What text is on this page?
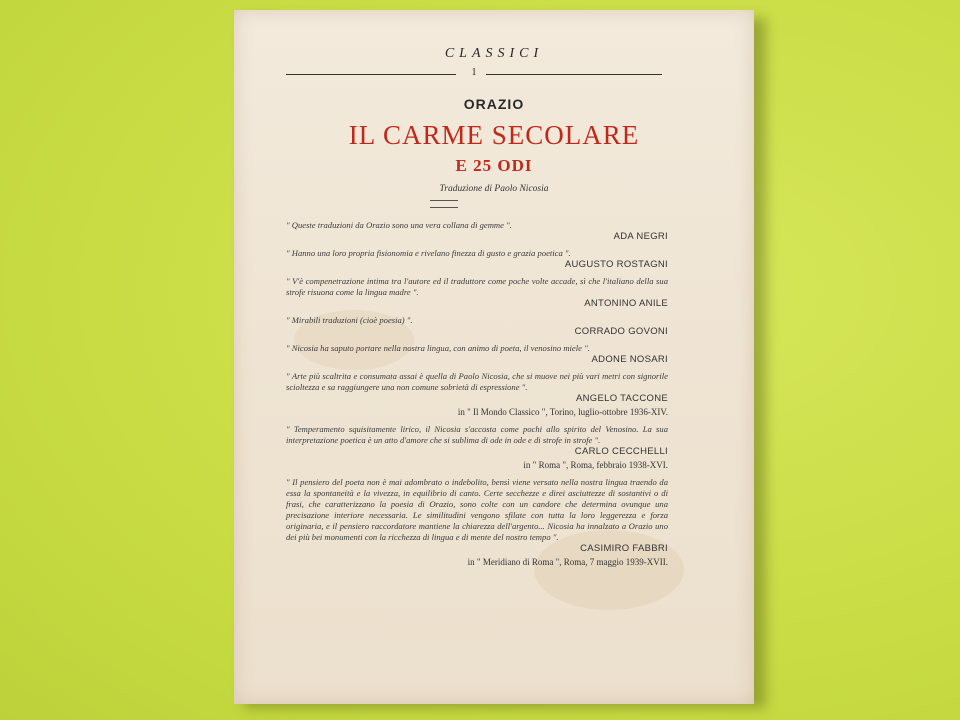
CLASSICI
1
ORAZIO
IL CARME SECOLARE
E 25 ODI
Traduzione di Paolo Nicosia

" Queste traduzioni da Orazio sono una vera collana di gemme ".

ADA NEGRI

" Hanno una loro propria fisionomia e rivelano finezza di gusto e grazia poetica ".

AUGUSTO ROSTAGNI

" V'è compenetrazione intima tra l'autore ed il traduttore come poche volte accade, sì che l'italiano della sua strofe risuona come la lingua madre ".

ANTONINO ANILE

" Mirabili traduzioni (cioè poesia) ".

CORRADO GOVONI

" Nicosia ha saputo portare nella nostra lingua, con animo di poeta, il venosino miele ".

ADONE NOSARI

" Arte più scaltrita e consumata assai è quella di Paolo Nicosia, che si muove nei più vari metri con signorile scioltezza e sa raggiungere una non comune sobrietà di espressione ".

ANGELO TACCONE

in " Il Mondo Classico ", Torino, luglio-ottobre 1936-XIV.

" Temperamento squisitamente lirico, il Nicosia s'accosta come pochi allo spirito del Venosino. La sua interpretazione poetica è un atto d'amore che si sublima di ode in ode e di strofe in strofe ".

CARLO CECCHELLI

in " Roma ", Roma, febbraio 1938-XVI.

" Il pensiero del poeta non è mai adombrato o indebolito, bensì viene versato nella nostra lingua traendo da essa la spontaneità e la vivezza, in equilibrio di canto. Certe secchezze e direi asciuttezze di sostantivi o di frasi, che caratterizzano la poesia di Orazio, sono colte con un candore che determina ovunque una precisazione interiore necessaria. Le similitudini vengono sfilate con tutta la loro leggerezza e forza originaria, e il pensiero raccordatore mantiene la chiarezza dell'argento... Nicosia ha innalzato a Orazio uno dei più bei monumenti con la ricchezza di lingua e di mente del nostro tempo ".

CASIMIRO FABBRI

in " Meridiano di Roma ", Roma, 7 maggio 1939-XVII.
